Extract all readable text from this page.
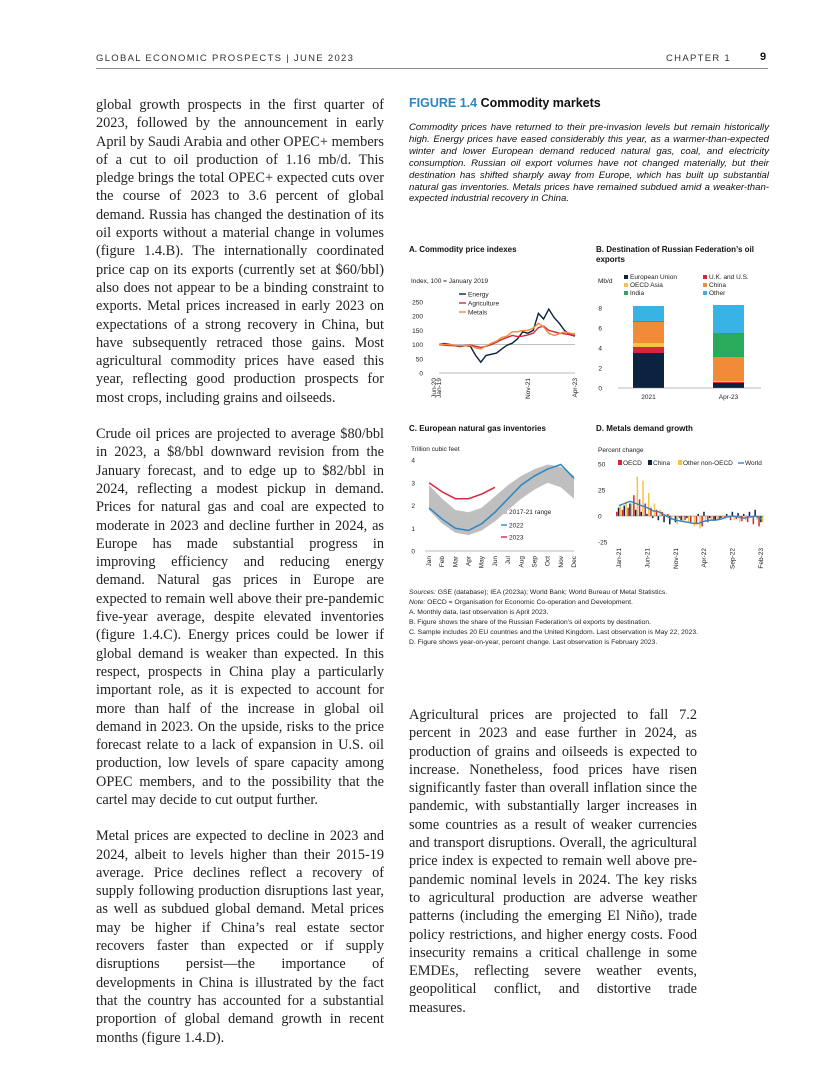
GLOBAL ECONOMIC PROSPECTS | JUNE 2023	CHAPTER 1	9

global growth prospects in the first quarter of 2023, followed by the announcement in early April by Saudi Arabia and other OPEC+ members of a cut to oil production of 1.16 mb/d. This pledge brings the total OPEC+ expected cuts over the course of 2023 to 3.6 percent of global demand. Russia has changed the destination of its oil exports without a material change in volumes (figure 1.4.B). The internationally coordinated price cap on its exports (currently set at $60/bbl) also does not appear to be a binding constraint to exports. Metal prices increased in early 2023 on expectations of a strong recovery in China, but have subsequently retraced those gains. Most agricultural commodity prices have eased this year, reflecting good production prospects for most crops, including grains and oilseeds.

Crude oil prices are projected to average $80/bbl in 2023, a $8/bbl downward revision from the January forecast, and to edge up to $82/bbl in 2024, reflecting a modest pickup in demand. Prices for natural gas and coal are expected to moderate in 2023 and decline further in 2024, as Europe has made substantial progress in improving efficiency and reducing energy demand. Natural gas prices in Europe are expected to remain well above their pre-pandemic five-year average, despite elevated inventories (figure 1.4.C). Energy prices could be lower if global demand is weaker than expected. In this respect, prospects in China play a particularly important role, as it is expected to account for more than half of the increase in global oil demand in 2023. On the upside, risks to the price forecast relate to a lack of expansion in U.S. oil production, low levels of spare capacity among OPEC members, and to the possibility that the cartel may decide to cut output further.

Metal prices are expected to decline in 2023 and 2024, albeit to levels higher than their 2015-19 average. Price declines reflect a recovery of supply following production disruptions last year, as well as subdued global demand. Metal prices may be higher if China’s real estate sector recovers faster than expected or if supply disruptions persist—the importance of developments in China is illustrated by the fact that the country has accounted for a substantial proportion of global demand growth in recent months (figure 1.4.D).

FIGURE 1.4 Commodity markets
Commodity prices have returned to their pre-invasion levels but remain historically high. Energy prices have eased considerably this year, as a warmer-than-expected winter and lower European demand reduced natural gas, coal, and electricity consumption. Russian oil export volumes have not changed materially, but their destination has shifted sharply away from Europe, which has built up substantial natural gas inventories. Metals prices have remained subdued amid a weaker-than-expected industrial recovery in China.
A. Commodity price indexes	B. Destination of Russian Federation’s oil exports
C. European natural gas inventories	D. Metals demand growth
Index, 100 = January 2019
0
50
100
150
200
250
Energy
Agriculture
Metals
Jan-19
Jun-20	Nov-21	Apr-23
Mb/d
0
2
4
6
8
European Union	U.K. and U.S.
OECD Asia	China
India	Other
2021	Apr-23
Trillion cubic feet
0
1
2
3
4
2017-21 range
2022
2023
Jan Feb Mar Apr May Jun Jul Aug Sep Oct Nov Dec
Percent change
50
25
0
-25
OECD China Other non-OECD World
Jan-21	Jun-21	Nov-21	Apr-22	Sep-22	Feb-23
Sources: GSE (database); IEA (2023a); World Bank; World Bureau of Metal Statistics.
Note: OECD = Organisation for Economic Co-operation and Development.
A. Monthly data, last observation is April 2023.
B. Figure shows the share of the Russian Federation’s oil exports by destination.
C. Sample includes 20 EU countries and the United Kingdom. Last observation is May 22, 2023.
D. Figure shows year-on-year, percent change. Last observation is February 2023.

Agricultural prices are projected to fall 7.2 percent in 2023 and ease further in 2024, as production of grains and oilseeds is expected to increase. Nonetheless, food prices have risen significantly faster than overall inflation since the pandemic, with substantially larger increases in some countries as a result of weaker currencies and transport disruptions. Overall, the agricultural price index is expected to remain well above pre-pandemic nominal levels in 2024. The key risks to agricultural production are adverse weather patterns (including the emerging El Niño), trade policy restrictions, and higher energy costs. Food insecurity remains a critical challenge in some EMDEs, reflecting severe weather events, geopolitical conflict, and distortive trade measures.
